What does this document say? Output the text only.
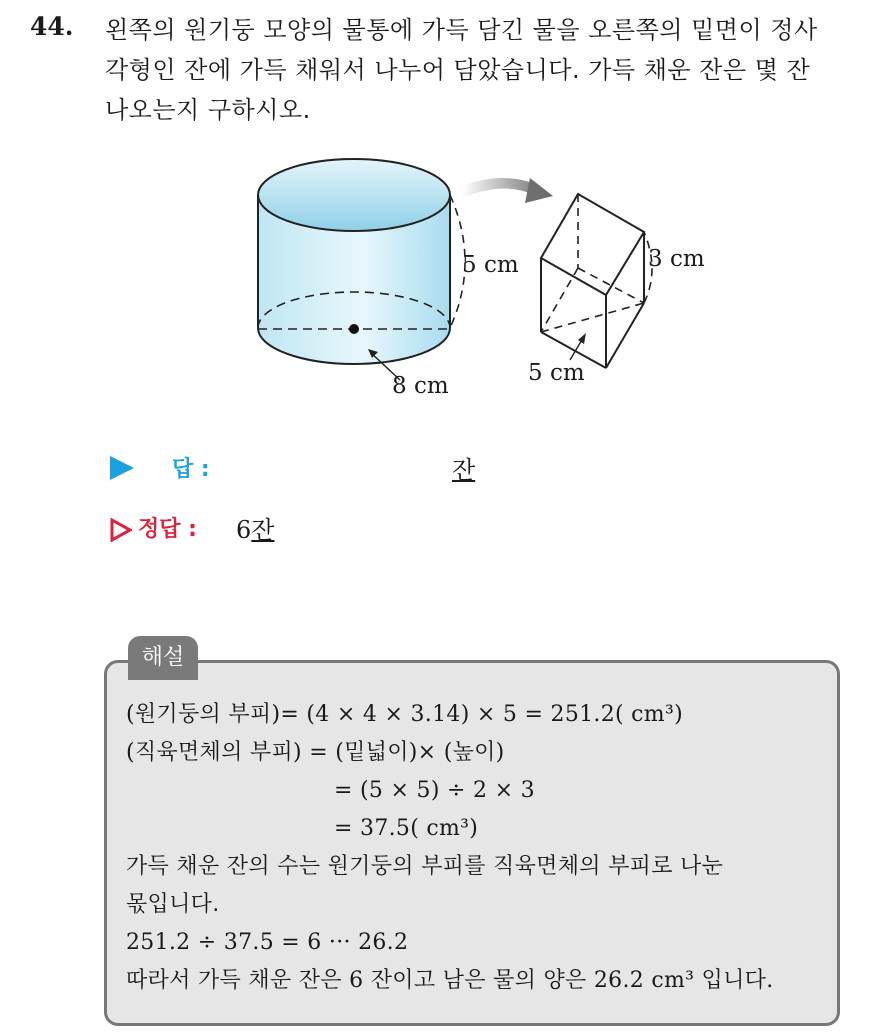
44. 왼쪽의 원기둥 모양의 물통에 가득 담긴 물을 오른쪽의 밑면이 정사
각형인 잔에 가득 채워서 나누어 담았습니다. 가득 채운 잔은 몇 잔
나오는지 구하시오.
5 cm
8 cm
3 cm
5 cm
답 :	잔
정답 : 6잔
해설
(원기둥의 부피)= (4 × 4 × 3.14) × 5 = 251.2( cm³)
(직육면체의 부피) = (밑넓이)× (높이)
= (5 × 5) ÷ 2 × 3
= 37.5( cm³)
가득 채운 잔의 수는 원기둥의 부피를 직육면체의 부피로 나눈
몫입니다.
251.2 ÷ 37.5 = 6 ··· 26.2
따라서 가득 채운 잔은 6 잔이고 남은 물의 양은 26.2 cm³ 입니다.
